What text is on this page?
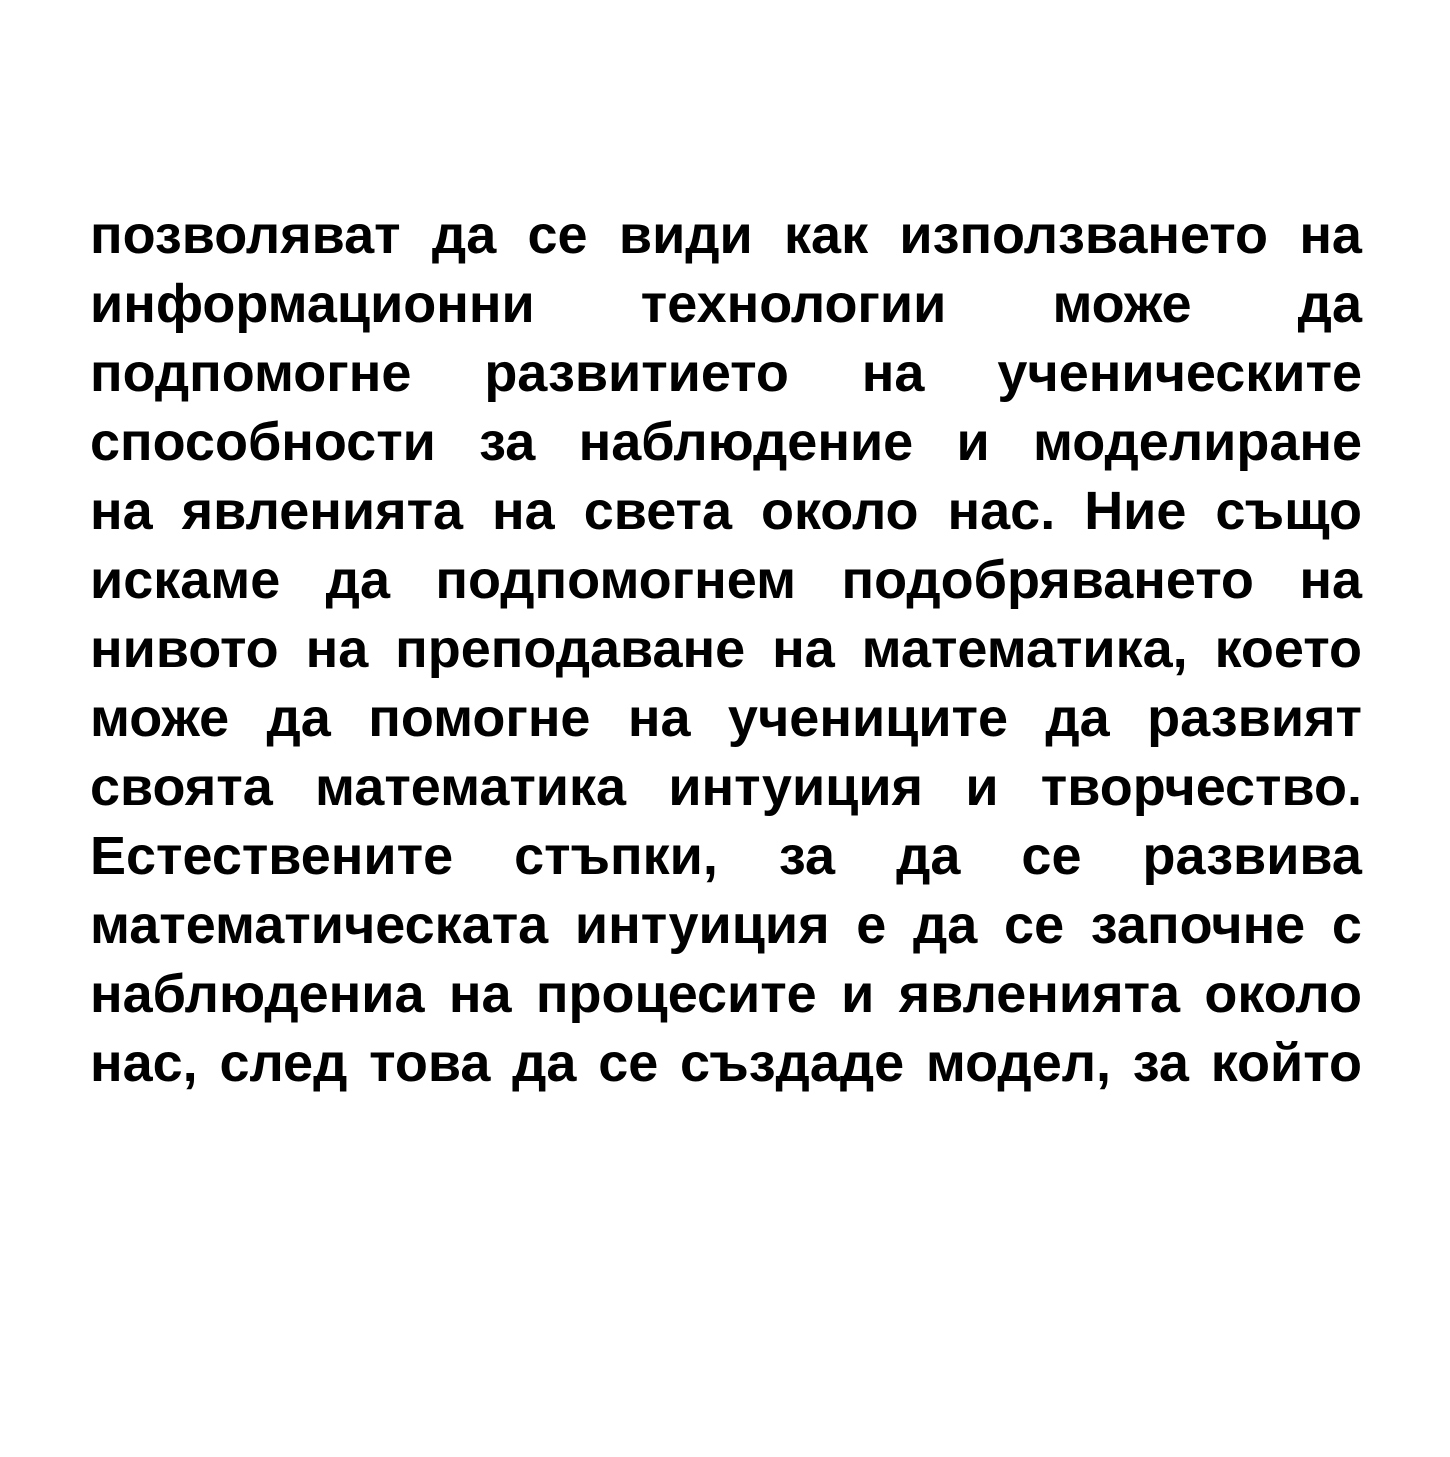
позволяват да се види как използването на
информационни технологии може да
подпомогне развитието на ученическите
способности за наблюдение и моделиране
на явленията на света около нас. Ние също
искаме да подпомогнем подобряването на
нивото на преподаване на математика, което
може да помогне на учениците да развият
своята математика интуиция и творчество.
Естествените стъпки, за да се развива
математическата интуиция е да се започне с
наблюдениа на процесите и явленията около
нас, след това да се създаде модел, за който
